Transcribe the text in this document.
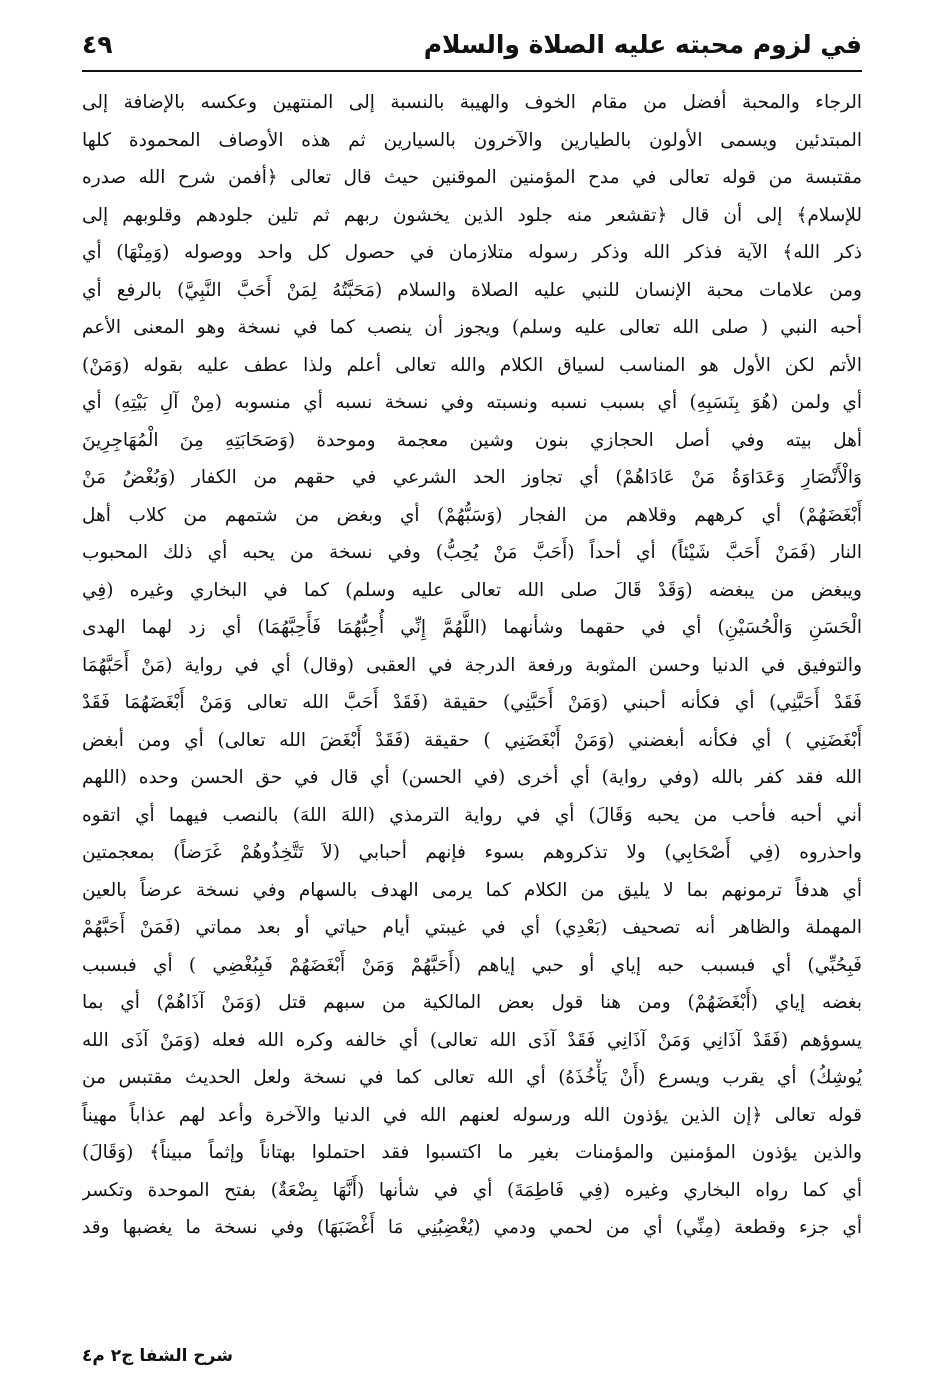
في لزوم محبته عليه الصلاة والسلام
٤٩

الرجاء والمحبة أفضل من مقام الخوف والهيبة بالنسبة إلى المنتهين وعكسه بالإضافة إلى

المبتدئين ويسمى الأولون بالطيارين والآخرون بالسيارين ثم هذه الأوصاف المحمودة كلها

مقتبسة من قوله تعالى في مدح المؤمنين الموقنين حيث قال تعالى ﴿أفمن شرح الله صدره

للإسلام﴾ إلى أن قال ﴿تقشعر منه جلود الذين يخشون ربهم ثم تلين جلودهم وقلوبهم إلى

ذكر الله﴾ الآية فذكر الله وذكر رسوله متلازمان في حصول كل واحد ووصوله (وَمِنْهَا) أي

ومن علامات محبة الإنسان للنبي عليه الصلاة والسلام (مَحَبَّتُهُ لِمَنْ أَحَبَّ النَّبِيَّ) بالرفع أي

أحبه النبي ( صلى الله تعالى عليه وسلم) ويجوز أن ينصب كما في نسخة وهو المعنى الأعم

الأتم لكن الأول هو المناسب لسياق الكلام والله تعالى أعلم ولذا عطف عليه بقوله (وَمَنْ)

أي ولمن (هُوَ بِنَسَبِهِ) أي بسبب نسبه ونسبته وفي نسخة نسبه أي منسوبه (مِنْ آلِ بَيْتِهِ) أي

أهل بيته وفي أصل الحجازي بنون وشين معجمة وموحدة (وَصَحَابَتِهِ مِنَ الْمُهَاجِرِينَ

وَالْأَنْصَارِ وَعَدَاوَةُ مَنْ عَادَاهُمْ) أي تجاوز الحد الشرعي في حقهم من الكفار (وَبُغْضُ مَنْ

أَبْغَضَهُمْ) أي كرههم وقلاهم من الفجار (وَسَبُّهُمْ) أي وبغض من شتمهم من كلاب أهل

النار (فَمَنْ أَحَبَّ شَيْئاً) أي أحداً (أَحَبَّ مَنْ يُحِبُّ) وفي نسخة من يحبه أي ذلك المحبوب

ويبغض من يبغضه (وَقَدْ قَالَ صلى الله تعالى عليه وسلم) كما في البخاري وغيره (فِي

الْحَسَنِ وَالْحُسَيْنِ) أي في حقهما وشأنهما (اللَّهُمَّ إِنِّي أُحِبُّهُمَا فَأَحِبَّهُمَا) أي زد لهما الهدى

والتوفيق في الدنيا وحسن المثوبة ورفعة الدرجة في العقبى (وقال) أي في رواية (مَنْ أَحَبَّهُمَا

فَقَدْ أَحَبَّنِي) أي فكأنه أحبني (وَمَنْ أَحَبَّنِي) حقيقة (فَقَدْ أَحَبَّ الله تعالى وَمَنْ أَبْغَضَهُمَا فَقَدْ

أَبْغَضَنِي ) أي فكأنه أبغضني (وَمَنْ أَبْغَضَنِي ) حقيقة (فَقَدْ أَبْغَضَ الله تعالى) أي ومن أبغض

الله فقد كفر بالله (وفي رواية) أي أخرى (في الحسن) أي قال في حق الحسن وحده (اللهم

أني أحبه فأحب من يحبه وَقَالَ) أي في رواية الترمذي (اللهَ اللهَ) بالنصب فيهما أي اتقوه

واحذروه (فِي أَصْحَابِي) ولا تذكروهم بسوء فإنهم أحبابي (لاَ تَتَّخِذُوهُمْ غَرَضاً) بمعجمتين

أي هدفاً ترمونهم بما لا يليق من الكلام كما يرمى الهدف بالسهام وفي نسخة عرضاً بالعين

المهملة والظاهر أنه تصحيف (بَعْدِي) أي في غيبتي أيام حياتي أو بعد مماتي (فَمَنْ أَحَبَّهُمْ

فَبِحُبِّي) أي فبسبب حبه إياي أو حبي إياهم (أَحَبَّهُمْ وَمَنْ أَبْغَضَهُمْ فَبِبُغْضِي ) أي فبسبب

بغضه إياي (أَبْغَضَهُمْ) ومن هنا قول بعض المالكية من سبهم قتل (وَمَنْ آذَاهُمْ) أي بما

يسوؤهم (فَقَدْ آذَانِي وَمَنْ آذَانِي فَقَدْ آذَى الله تعالى) أي خالفه وكره الله فعله (وَمَنْ آذَى الله

يُوشِكُ) أي يقرب ويسرع (أَنْ يَأْخُذَهُ) أي الله تعالى كما في نسخة ولعل الحديث مقتبس من

قوله تعالى ﴿إن الذين يؤذون الله ورسوله لعنهم الله في الدنيا والآخرة وأعد لهم عذاباً مهيناً

والذين يؤذون المؤمنين والمؤمنات بغير ما اكتسبوا فقد احتملوا بهتاناً وإثماً مبيناً﴾ (وَقَالَ)

أي كما رواه البخاري وغيره (فِي فَاطِمَةَ) أي في شأنها (أَنَّهَا بِضْعَةٌ) بفتح الموحدة وتكسر

أي جزء وقطعة (مِنِّي) أي من لحمي ودمي (يُغْضِبُنِي مَا أَغْضَبَهَا) وفي نسخة ما يغضبها وقد

شرح الشفا ج٢ م٤
